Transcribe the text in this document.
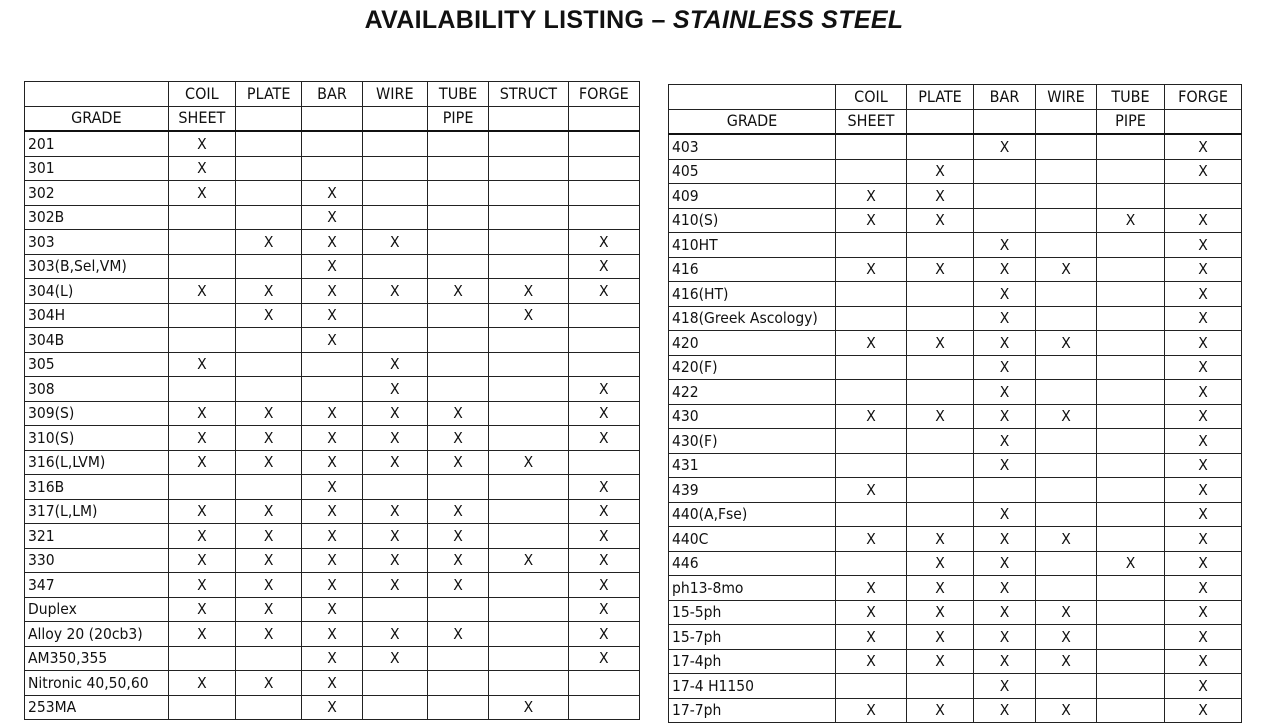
AVAILABILITY LISTING – STAINLESS STEEL
	COIL	PLATE	BAR	WIRE	TUBE	STRUCT	FORGE
GRADE	SHEET				PIPE		
201	X						
301	X						
302	X		X				
302B			X				
303		X	X	X			X
303(B,Sel,VM)			X				X
304(L)	X	X	X	X	X	X	X
304H		X	X			X	
304B			X				
305	X			X			
308				X			X
309(S)	X	X	X	X	X		X
310(S)	X	X	X	X	X		X
316(L,LVM)	X	X	X	X	X	X	
316B			X				X
317(L,LM)	X	X	X	X	X		X
321	X	X	X	X	X		X
330	X	X	X	X	X	X	X
347	X	X	X	X	X		X
Duplex	X	X	X				X
Alloy 20 (20cb3)	X	X	X	X	X		X
AM350,355			X	X			X
Nitronic 40,50,60	X	X	X				
253MA			X			X	
	COIL	PLATE	BAR	WIRE	TUBE	FORGE
GRADE	SHEET				PIPE	
403			X			X
405		X				X
409	X	X				
410(S)	X	X			X	X
410HT			X			X
416	X	X	X	X		X
416(HT)			X			X
418(Greek Ascology)			X			X
420	X	X	X	X		X
420(F)			X			X
422			X			X
430	X	X	X	X		X
430(F)			X			X
431			X			X
439	X					X
440(A,Fse)			X			X
440C	X	X	X	X		X
446		X	X		X	X
ph13-8mo	X	X	X			X
15-5ph	X	X	X	X		X
15-7ph	X	X	X	X		X
17-4ph	X	X	X	X		X
17-4 H1150			X			X
17-7ph	X	X	X	X		X
